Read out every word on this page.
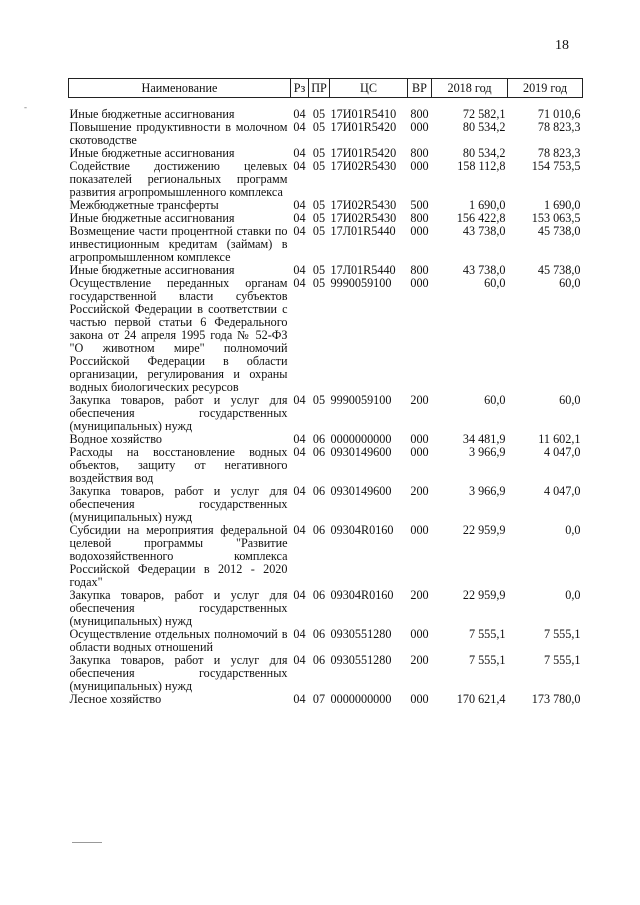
18
-
Наименование	Рз	ПР	ЦС	ВР	2018 год	2019 год
Иные бюджетные ассигнования	04	05	17И01R5410	800	72 582,1	71 010,6
Повышение продуктивности в молочном скотоводстве	04	05	17И01R5420	000	80 534,2	78 823,3
Иные бюджетные ассигнования	04	05	17И01R5420	800	80 534,2	78 823,3
Содействие достижению целевых показателей региональных программ развития агропромышленного комплекса	04	05	17И02R5430	000	158 112,8	154 753,5
Межбюджетные трансферты	04	05	17И02R5430	500	1 690,0	1 690,0
Иные бюджетные ассигнования	04	05	17И02R5430	800	156 422,8	153 063,5
Возмещение части процентной ставки по инвестиционным кредитам (займам) в агропромышленном комплексе	04	05	17Л01R5440	000	43 738,0	45 738,0
Иные бюджетные ассигнования	04	05	17Л01R5440	800	43 738,0	45 738,0
Осуществление переданных органам государственной власти субъектов Российской Федерации в соответствии с частью первой статьи 6 Федерального закона от 24 апреля 1995 года № 52-ФЗ "О животном мире" полномочий Российской Федерации в области организации, регулирования и охраны водных биологических ресурсов	04	05	9990059100	000	60,0	60,0
Закупка товаров, работ и услуг для обеспечения государственных (муниципальных) нужд	04	05	9990059100	200	60,0	60,0
Водное хозяйство	04	06	0000000000	000	34 481,9	11 602,1
Расходы на восстановление водных объектов, защиту от негативного воздействия вод	04	06	0930149600	000	3 966,9	4 047,0
Закупка товаров, работ и услуг для обеспечения государственных (муниципальных) нужд	04	06	0930149600	200	3 966,9	4 047,0
Субсидии на мероприятия федеральной целевой программы "Развитие водохозяйственного комплекса Российской Федерации в 2012 - 2020 годах"	04	06	09304R0160	000	22 959,9	0,0
Закупка товаров, работ и услуг для обеспечения государственных (муниципальных) нужд	04	06	09304R0160	200	22 959,9	0,0
Осуществление отдельных полномочий в области водных отношений	04	06	0930551280	000	7 555,1	7 555,1
Закупка товаров, работ и услуг для обеспечения государственных (муниципальных) нужд	04	06	0930551280	200	7 555,1	7 555,1
Лесное хозяйство	04	07	0000000000	000	170 621,4	173 780,0
